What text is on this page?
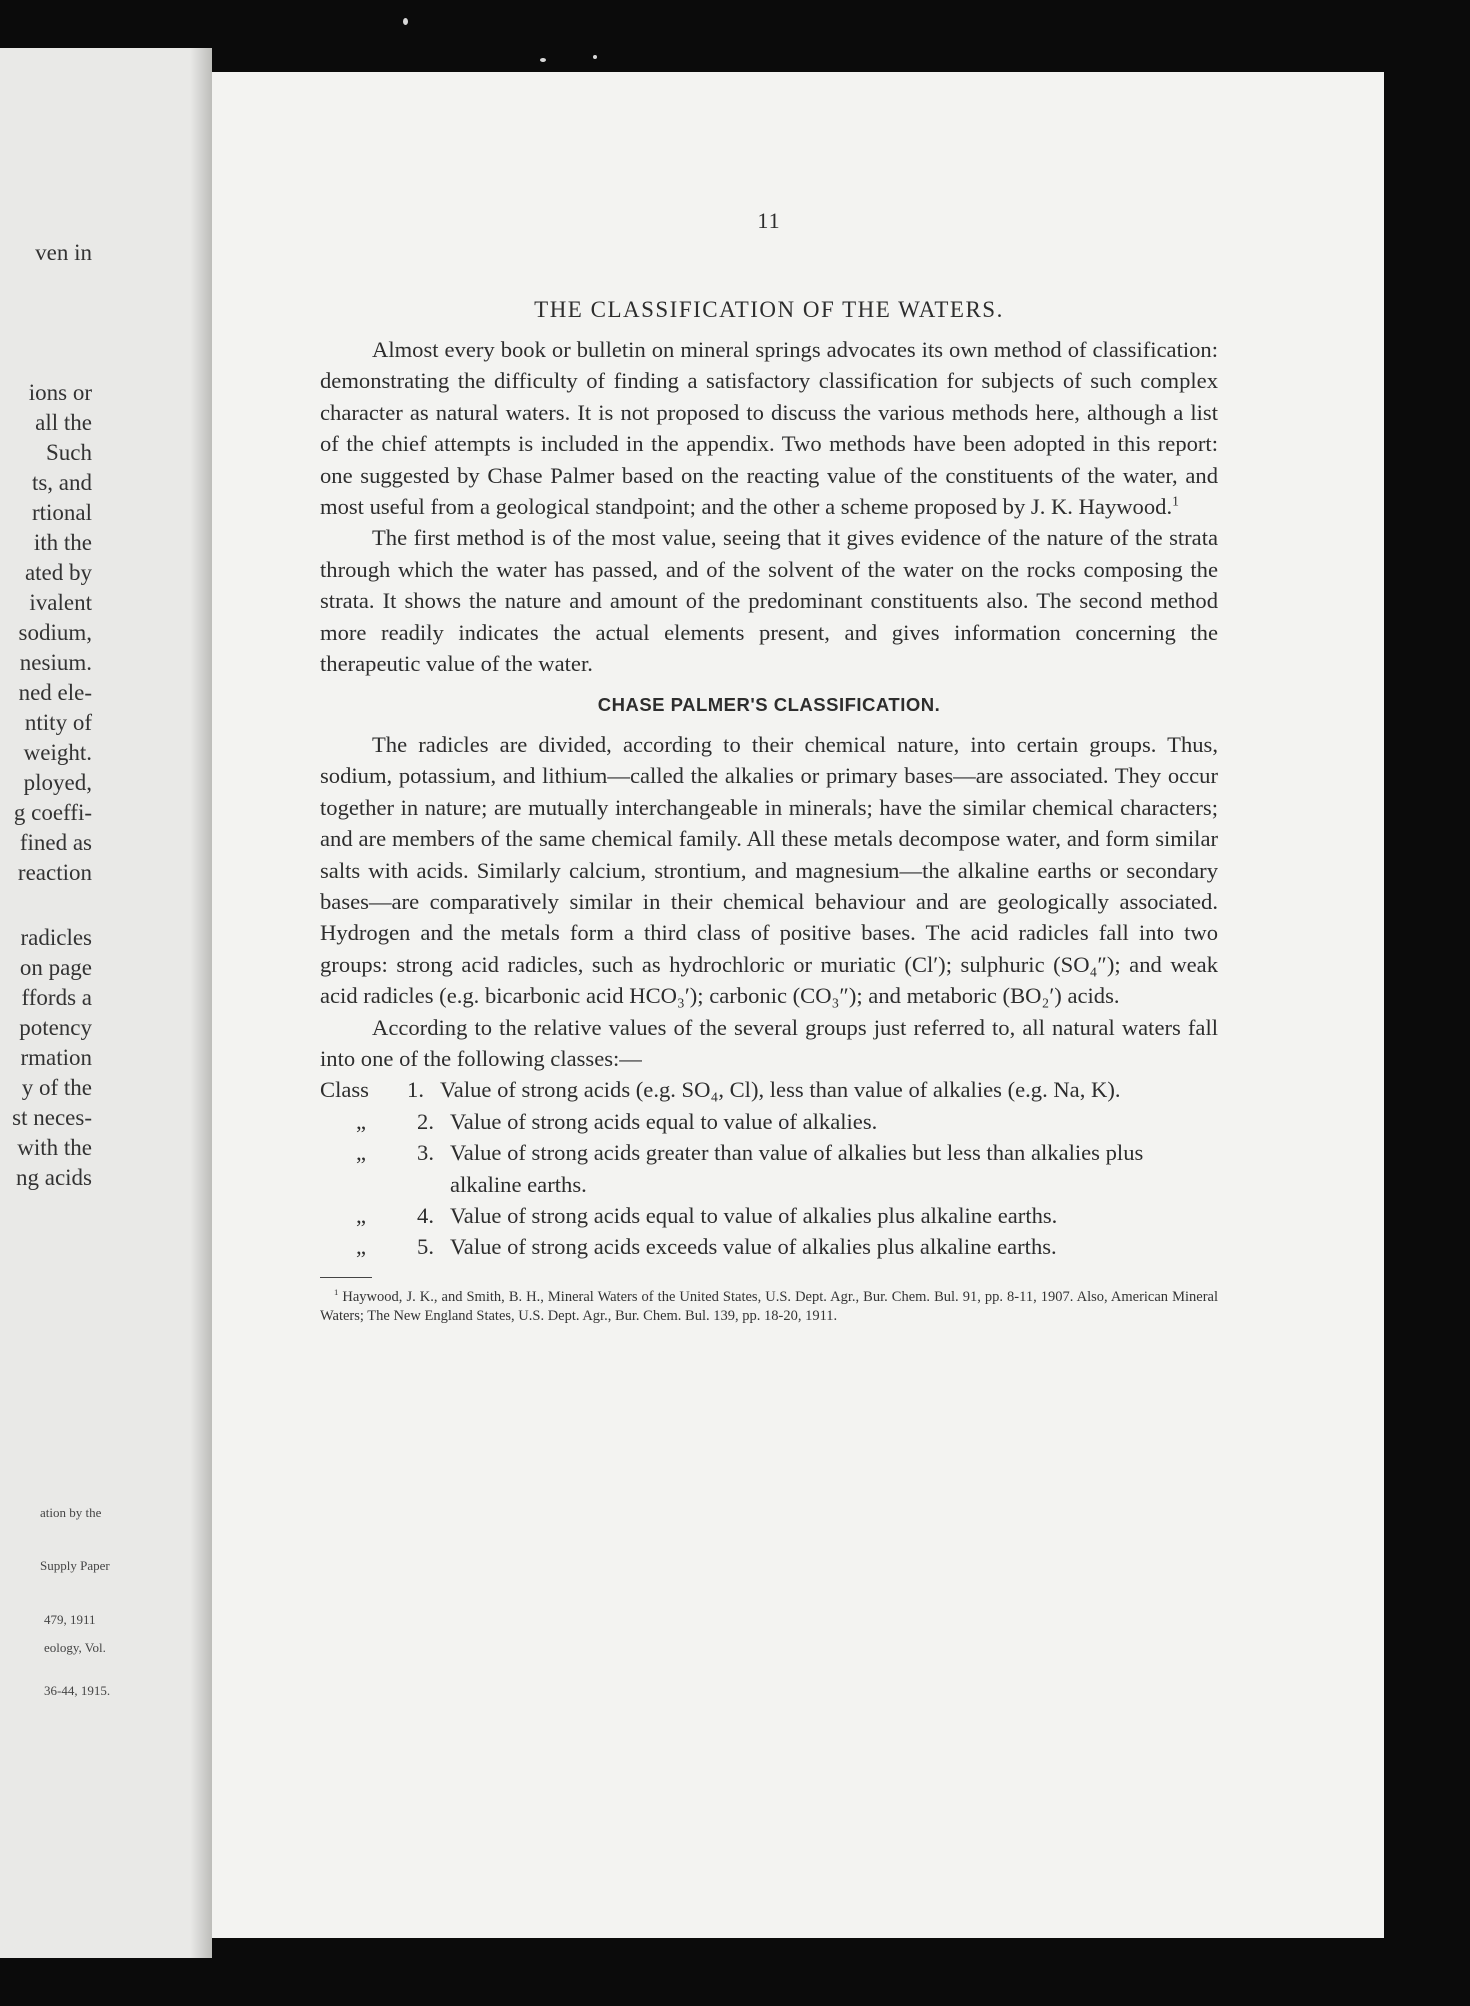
ven in
ions or
all the
Such
ts, and
rtional
ith the
ated by
ivalent
sodium,
nesium.
ned ele-
ntity of
weight.
ployed,
g coeffi-
fined as
reaction
radicles
on page
ffords a
potency
rmation
y of the
st neces-
with the
ng acids
ation by the
Supply Paper
479, 1911
eology, Vol.
36-44, 1915.
11
THE CLASSIFICATION OF THE WATERS.

Almost every book or bulletin on mineral springs advocates its own method of classification: demonstrating the difficulty of finding a satisfactory classification for subjects of such complex character as natural waters. It is not proposed to discuss the various methods here, although a list of the chief attempts is included in the appendix. Two methods have been adopted in this report: one suggested by Chase Palmer based on the reacting value of the constituents of the water, and most useful from a geological standpoint; and the other a scheme proposed by J. K. Haywood.$^1$

The first method is of the most value, seeing that it gives evidence of the nature of the strata through which the water has passed, and of the solvent of the water on the rocks composing the strata. It shows the nature and amount of the predominant constituents also. The second method more readily indicates the actual elements present, and gives information concerning the therapeutic value of the water.

CHASE PALMER'S CLASSIFICATION.

The radicles are divided, according to their chemical nature, into certain groups. Thus, sodium, potassium, and lithium—called the alkalies or primary bases—are associated. They occur together in nature; are mutually interchangeable in minerals; have the similar chemical characters; and are members of the same chemical family. All these metals decompose water, and form similar salts with acids. Similarly calcium, strontium, and magnesium—the alkaline earths or secondary bases—are comparatively similar in their chemical behaviour and are geologically associated. Hydrogen and the metals form a third class of positive bases. The acid radicles fall into two groups: strong acid radicles, such as hydrochloric or muriatic (Cl′); sulphuric (SO₄″); and weak acid radicles (e.g. bicarbonic acid HCO₃′); carbonic (CO₃″); and metaboric (BO₂′) acids.

According to the relative values of the several groups just referred to, all natural waters fall into one of the following classes:—

Class	1. Value of strong acids (e.g. SO₄, Cl), less than value of alkalies (e.g. Na, K).
„	2. Value of strong acids equal to value of alkalies.
„	3. Value of strong acids greater than value of alkalies but less than alkalies plus alkaline earths.
„	4. Value of strong acids equal to value of alkalies plus alkaline earths.
„	5. Value of strong acids exceeds value of alkalies plus alkaline earths.
$^1$ Haywood, J. K., and Smith, B. H., Mineral Waters of the United States, U.S. Dept. Agr., Bur. Chem. Bul. 91, pp. 8-11, 1907. Also, American Mineral Waters; The New England States, U.S. Dept. Agr., Bur. Chem. Bul. 139, pp. 18-20, 1911.
